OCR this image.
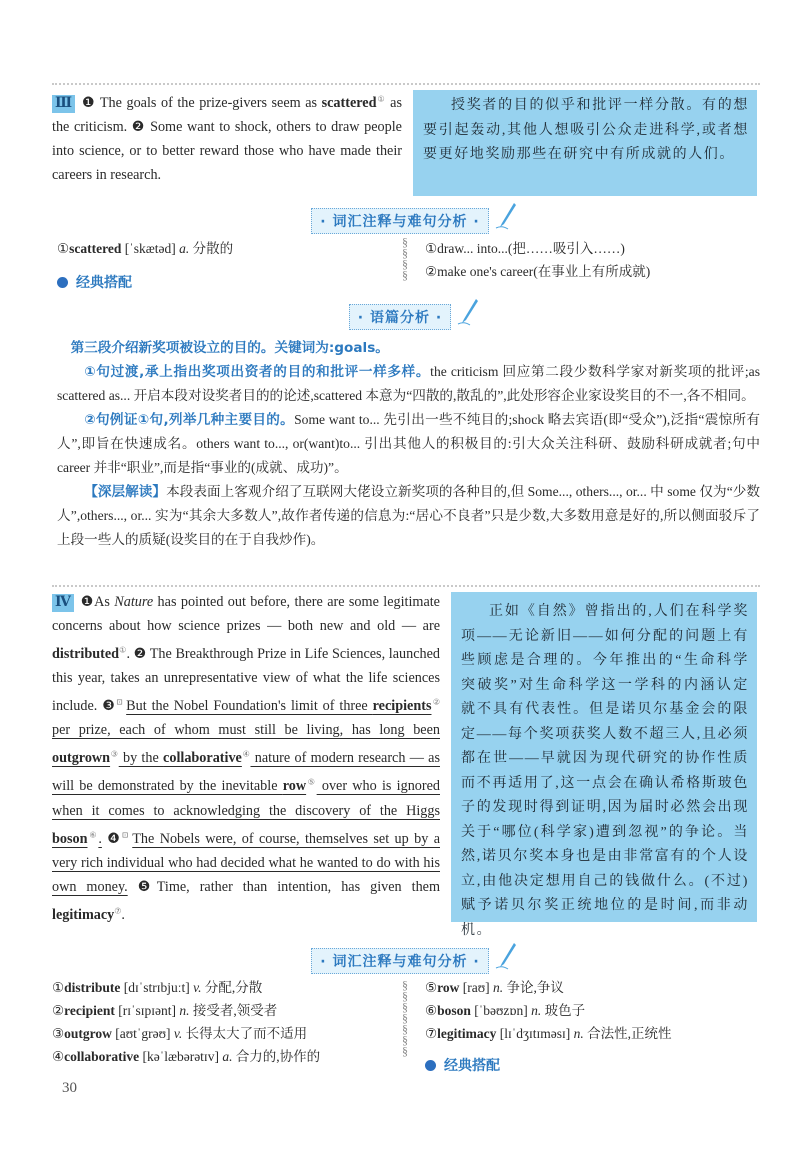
Ⅲ ❶ The goals of the prize-givers seem as scattered① as the criticism. ❷ Some want to shock, others to draw people into science, or to better reward those who have made their careers in research.

授奖者的目的似乎和批评一样分散。有的想要引起轰动,其他人想吸引公众走进科学,或者想要更好地奖励那些在研究中有所成就的人们。

· 词汇注释与难句分析 ·
①scattered [ˈskætəd] a. 分散的
经典搭配
§
§
§
§
①draw... into...(把……吸引入……)
②make one's career(在事业上有所成就)
· 语篇分析 ·

第三段介绍新奖项被设立的目的。关键词为:goals。

①句过渡,承上指出奖项出资者的目的和批评一样多样。the criticism 回应第二段少数科学家对新奖项的批评;as scattered as... 开启本段对设奖者目的的论述,scattered 本意为“四散的,散乱的”,此处形容企业家设奖目的不一,各不相同。

②句例证①句,列举几种主要目的。Some want to... 先引出一些不纯目的;shock 略去宾语(即“受众”),泛指“震惊所有人”,即旨在快速成名。others want to..., or(want)to... 引出其他人的积极目的:引大众关注科研、鼓励科研成就者;句中 career 并非“职业”,而是指“事业的(成就、成功)”。

【深层解读】本段表面上客观介绍了互联网大佬设立新奖项的各种目的,但 Some..., others..., or... 中 some 仅为“少数人”,others..., or... 实为“其余大多数人”,故作者传递的信息为:“居心不良者”只是少数,大多数用意是好的,所以侧面驳斥了上段一些人的质疑(设奖目的在于自我炒作)。

Ⅳ ❶As Nature has pointed out before, there are some legitimate concerns about how science prizes — both new and old — are distributed①. ❷ The Breakthrough Prize in Life Sciences, launched this year, takes an unrepresentative view of what the life sciences include. ❸⊡ But the Nobel Foundation's limit of three recipients② per prize, each of whom must still be living, has long been outgrown③ by the collaborative④ nature of modern research — as will be demonstrated by the inevitable row⑤ over who is ignored when it comes to acknowledging the discovery of the Higgs boson⑥. ❹⊡ The Nobels were, of course, themselves set up by a very rich individual who had decided what he wanted to do with his own money. ❺Time, rather than intention, has given them legitimacy⑦.

正如《自然》曾指出的,人们在科学奖项——无论新旧——如何分配的问题上有些顾虑是合理的。今年推出的“生命科学突破奖”对生命科学这一学科的内涵认定就不具有代表性。但是诺贝尔基金会的限定——每个奖项获奖人数不超三人,且必须都在世——早就因为现代研究的协作性质而不再适用了,这一点会在确认希格斯玻色子的发现时得到证明,因为届时必然会出现关于“哪位(科学家)遭到忽视”的争论。当然,诺贝尔奖本身也是由非常富有的个人设立,由他决定想用自己的钱做什么。(不过)赋予诺贝尔奖正统地位的是时间,而非动机。

· 词汇注释与难句分析 ·
①distribute [dɪˈstrɪbjuːt] v. 分配,分散
②recipient [rɪˈsɪpɪənt] n. 接受者,领受者
③outgrow [aʊtˈgrəʊ] v. 长得太大了而不适用
④collaborative [kəˈlæbərətɪv] a. 合力的,协作的
§
§
§
§
§
§
§
⑤row [raʊ] n. 争论,争议
⑥boson [ˈbəʊzɒn] n. 玻色子
⑦legitimacy [lɪˈdʒɪtɪməsɪ] n. 合法性,正统性
经典搭配
30
